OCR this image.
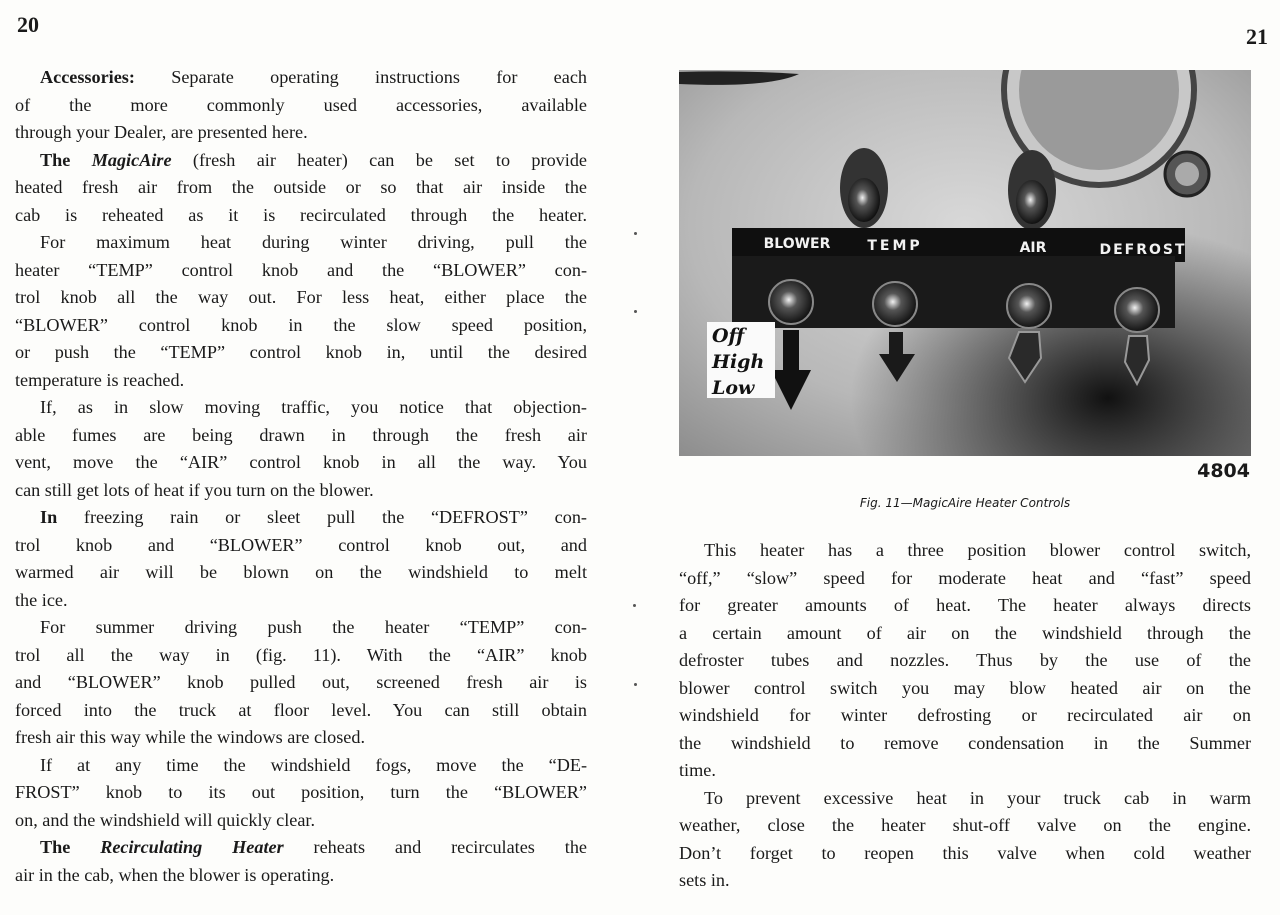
20	21
Accessories: Separate operating instructions for each
of the more commonly used accessories, available
through your Dealer, are presented here.
The MagicAire (fresh air heater) can be set to provide
heated fresh air from the outside or so that air inside the
cab is reheated as it is recirculated through the heater.
For maximum heat during winter driving, pull the
heater “TEMP” control knob and the “BLOWER” con-
trol knob all the way out. For less heat, either place the
“BLOWER” control knob in the slow speed position,
or push the “TEMP” control knob in, until the desired
temperature is reached.
If, as in slow moving traffic, you notice that objection-
able fumes are being drawn in through the fresh air
vent, move the “AIR” control knob in all the way. You
can still get lots of heat if you turn on the blower.
In freezing rain or sleet pull the “DEFROST” con-
trol knob and “BLOWER” control knob out, and
warmed air will be blown on the windshield to melt
the ice.
For summer driving push the heater “TEMP” con-
trol all the way in (fig. 11). With the “AIR” knob
and “BLOWER” knob pulled out, screened fresh air is
forced into the truck at floor level. You can still obtain
fresh air this way while the windows are closed.
If at any time the windshield fogs, move the “DE-
FROST” knob to its out position, turn the “BLOWER”
on, and the windshield will quickly clear.
The Recirculating Heater reheats and recirculates the
air in the cab, when the blower is operating.
BLOWER	TEMP	AIR	DEFROST
Off
High
Low
4804
Fig. 11—MagicAire Heater Controls
This heater has a three position blower control switch,
“off,” “slow” speed for moderate heat and “fast” speed
for greater amounts of heat. The heater always directs
a certain amount of air on the windshield through the
defroster tubes and nozzles. Thus by the use of the
blower control switch you may blow heated air on the
windshield for winter defrosting or recirculated air on
the windshield to remove condensation in the Summer
time.
To prevent excessive heat in your truck cab in warm
weather, close the heater shut-off valve on the engine.
Don’t forget to reopen this valve when cold weather
sets in.
